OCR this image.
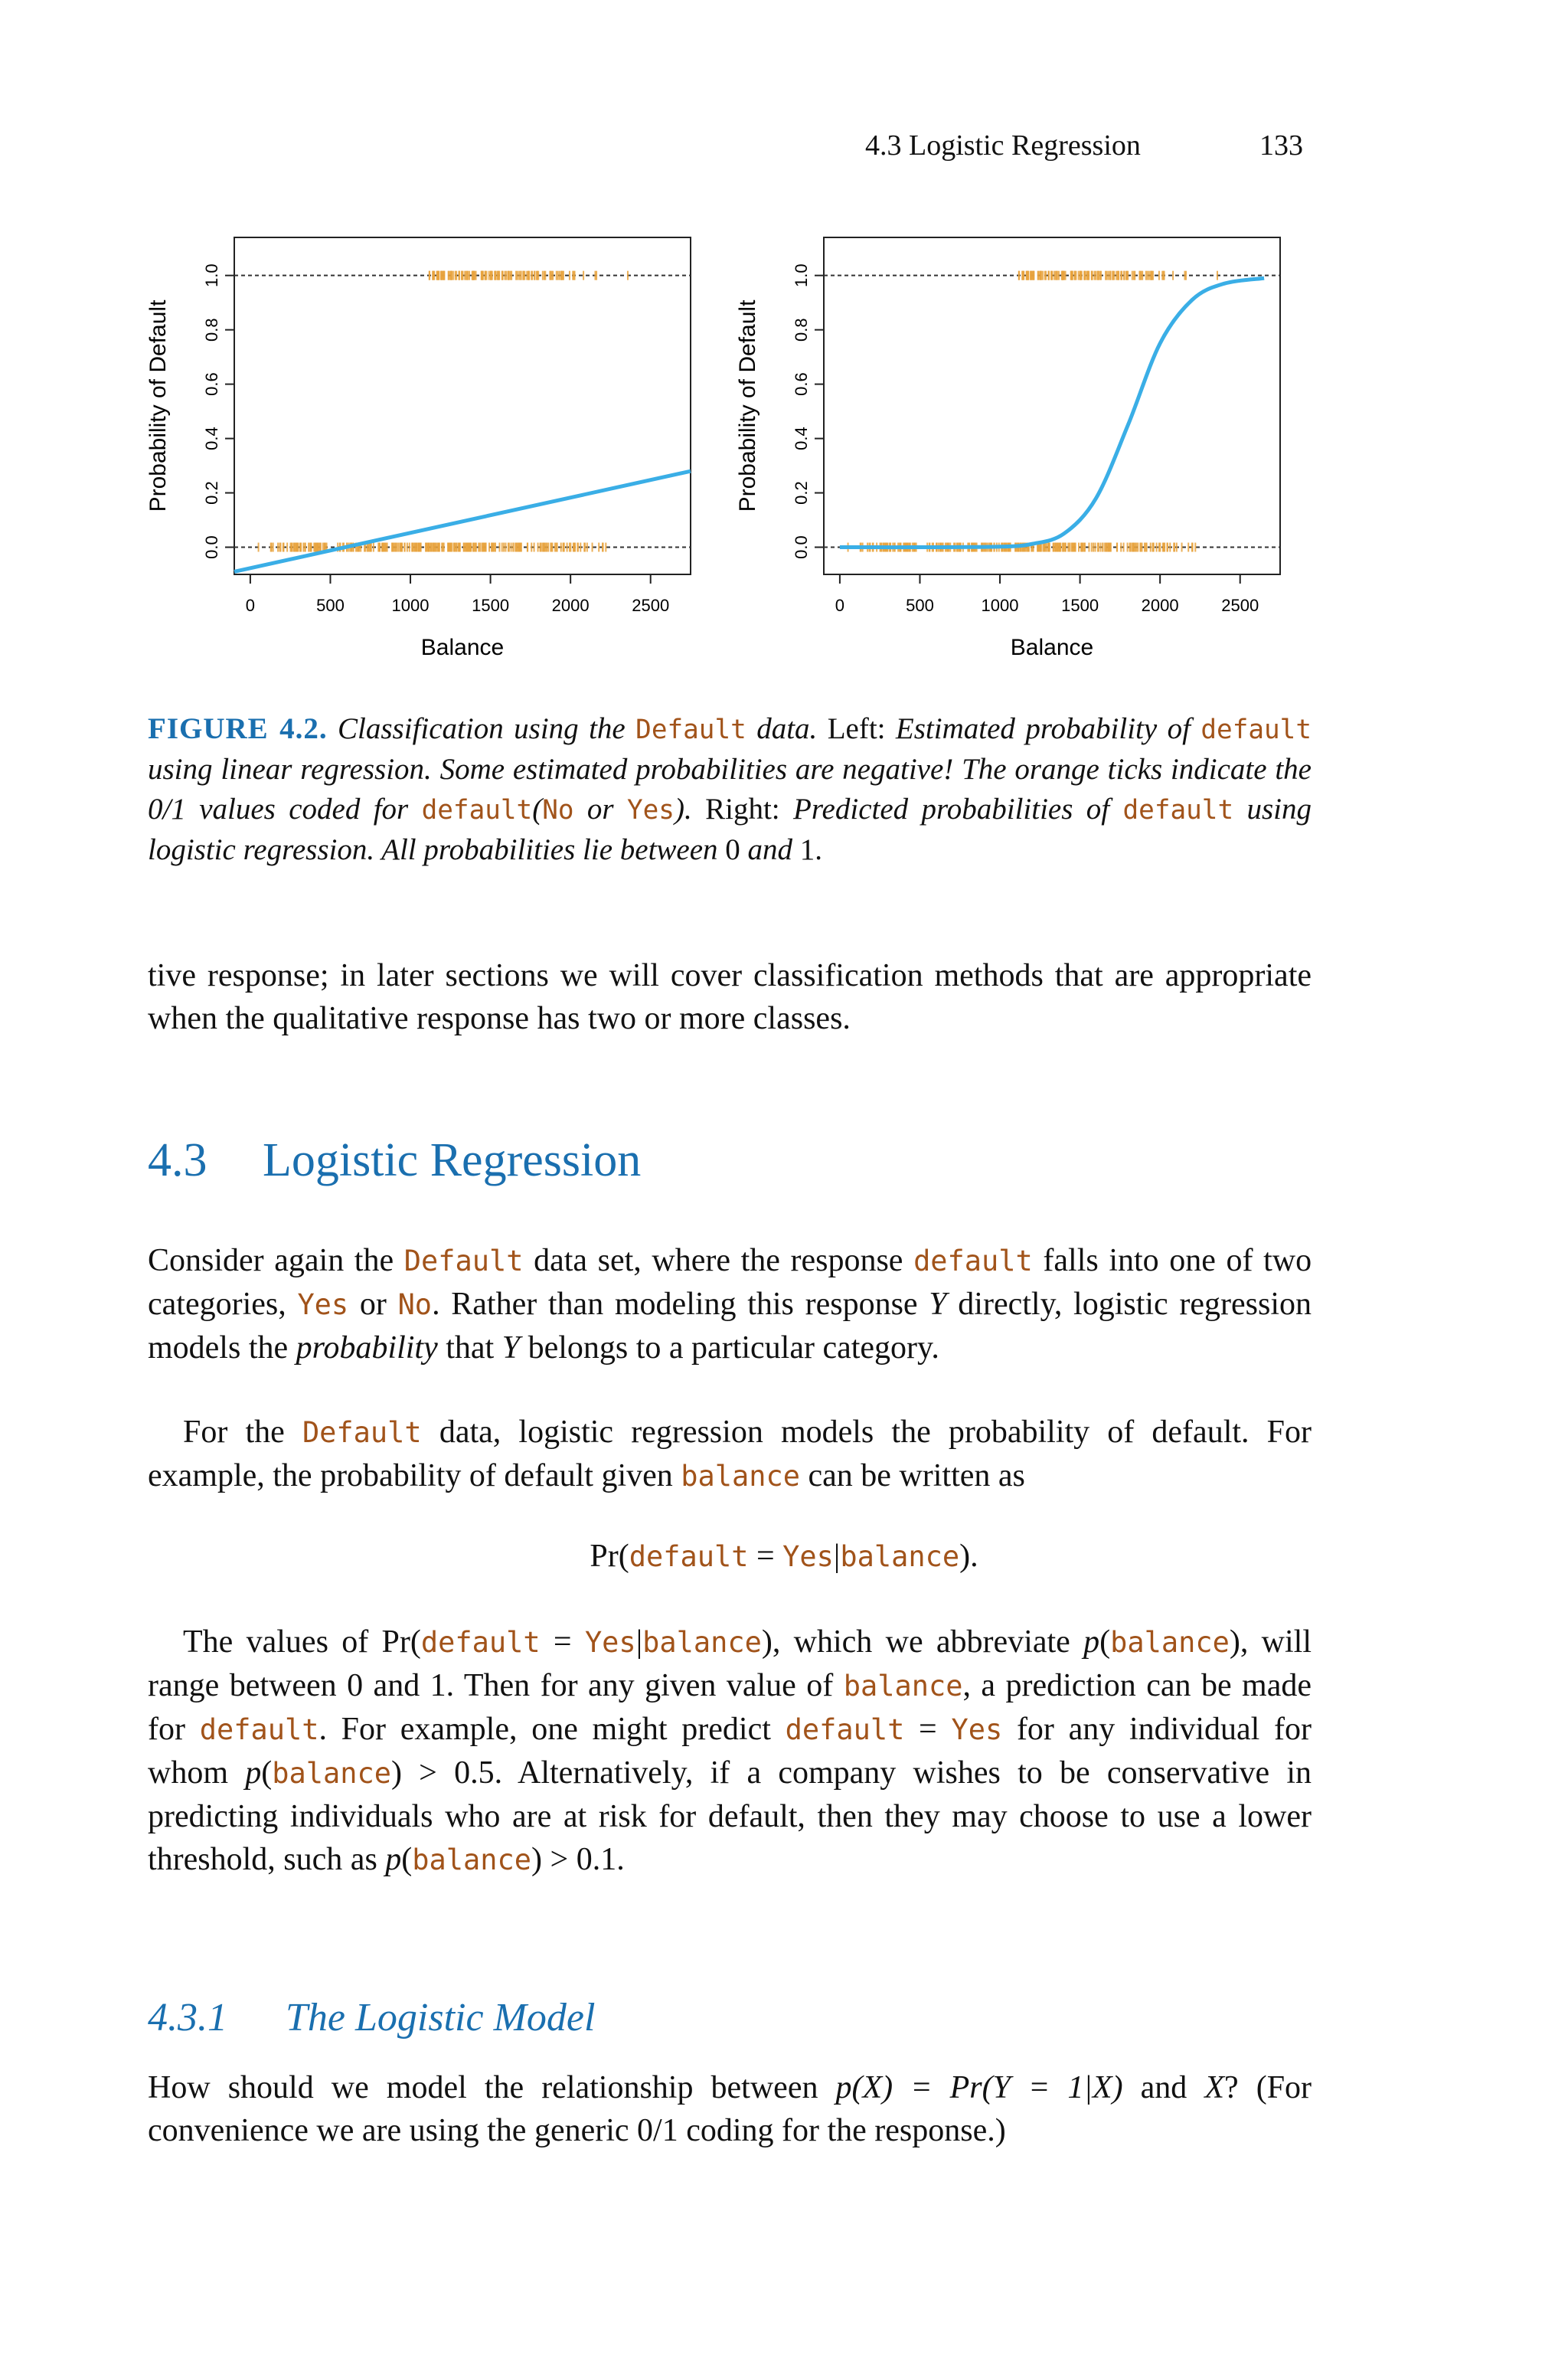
4.3 Logistic Regression	133
Probability of Default
Balance
0.0
0.2
0.4
0.6
0.8
1.0
0	500	1000	1500	2000	2500
Probability of Default
Balance
0.0
0.2
0.4
0.6
0.8
1.0
0	500	1000	1500	2000	2500
FIGURE 4.2. Classification using the Default data. Left: Estimated probability of default using linear regression. Some estimated probabilities are negative! The orange ticks indicate the 0/1 values coded for default(No or Yes). Right: Predicted probabilities of default using logistic regression. All probabilities lie between 0 and 1.
tive response; in later sections we will cover classification methods that are appropriate when the qualitative response has two or more classes.
4.3 Logistic Regression
Consider again the Default data set, where the response default falls into one of two categories, Yes or No. Rather than modeling this response Y directly, logistic regression models the probability that Y belongs to a particular category.
For the Default data, logistic regression models the probability of default. For example, the probability of default given balance can be written as
Pr(default = Yes|balance).
The values of Pr(default = Yes|balance), which we abbreviate p(balance), will range between 0 and 1. Then for any given value of balance, a prediction can be made for default. For example, one might predict default = Yes for any individual for whom p(balance) > 0.5. Alternatively, if a company wishes to be conservative in predicting individuals who are at risk for default, then they may choose to use a lower threshold, such as p(balance) > 0.1.
4.3.1 The Logistic Model
How should we model the relationship between p(X) = Pr(Y = 1|X) and X? (For convenience we are using the generic 0/1 coding for the response.)
